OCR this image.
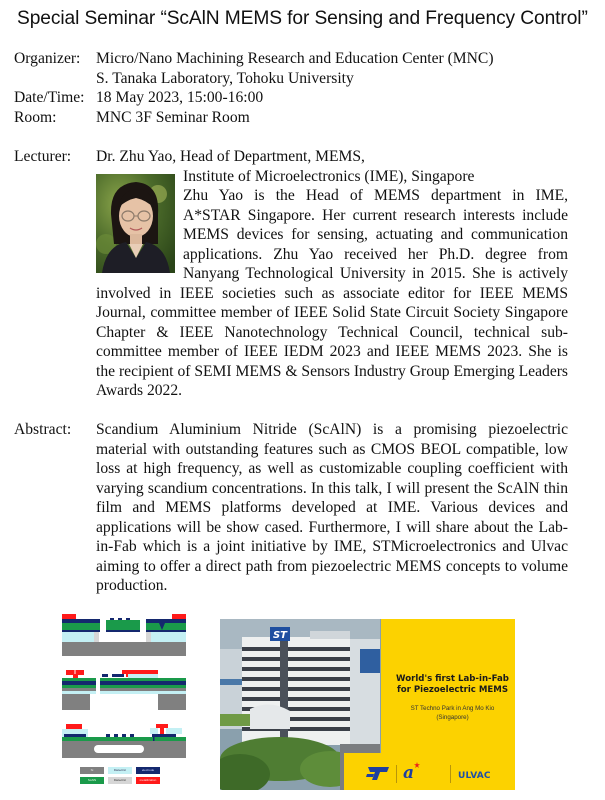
Special Seminar “ScAlN MEMS for Sensing and Frequency Control”
Organizer: Micro/Nano Machining Research and Education Center (MNC)
S. Tanaka Laboratory, Tohoku University
Date/Time: 18 May 2023, 15:00-16:00
Room:	MNC 3F Seminar Room
Lecturer: Dr. Zhu Yao, Head of Department, MEMS,
Institute of Microelectronics (IME), Singapore
Zhu Yao is the Head of MEMS department in IME,
A*STAR Singapore. Her current research interests include
MEMS devices for sensing, actuating and communication
applications. Zhu Yao received her Ph.D. degree from
Nanyang Technological University in 2015. She is actively
involved in IEEE societies such as associate editor for IEEE MEMS
Journal, committee member of IEEE Solid State Circuit Society Singapore
Chapter & IEEE Nanotechnology Technical Council, technical sub-
committee member of IEEE IEDM 2023 and IEEE MEMS 2023. She is
the recipient of SEMI MEMS & Sensors Industry Group Emerging Leaders
Awards 2022.
Abstract: Scandium Aluminium Nitride (ScAlN) is a promising piezoelectric
material with outstanding features such as CMOS BEOL compatible, low
loss at high frequency, as well as customizable coupling coefficient with
varying scandium concentrations. In this talk, I will present the ScAlN thin
film and MEMS platforms developed at IME. Various devices and
applications will be show cased. Furthermore, I will share about the Lab-
in-Fab which is a joint initiative by IME, STMicroelectronics and Ulvac
aiming to offer a direct path from piezoelectric MEMS concepts to volume
production.
Si	Dielectric	electrode
ScAlN	Dielectric	metallization
ST
World's first Lab-in-Fab
for Piezoelectric MEMS
ST Techno Park in Ang Mo Kio
(Singapore)
a	ULVAC
